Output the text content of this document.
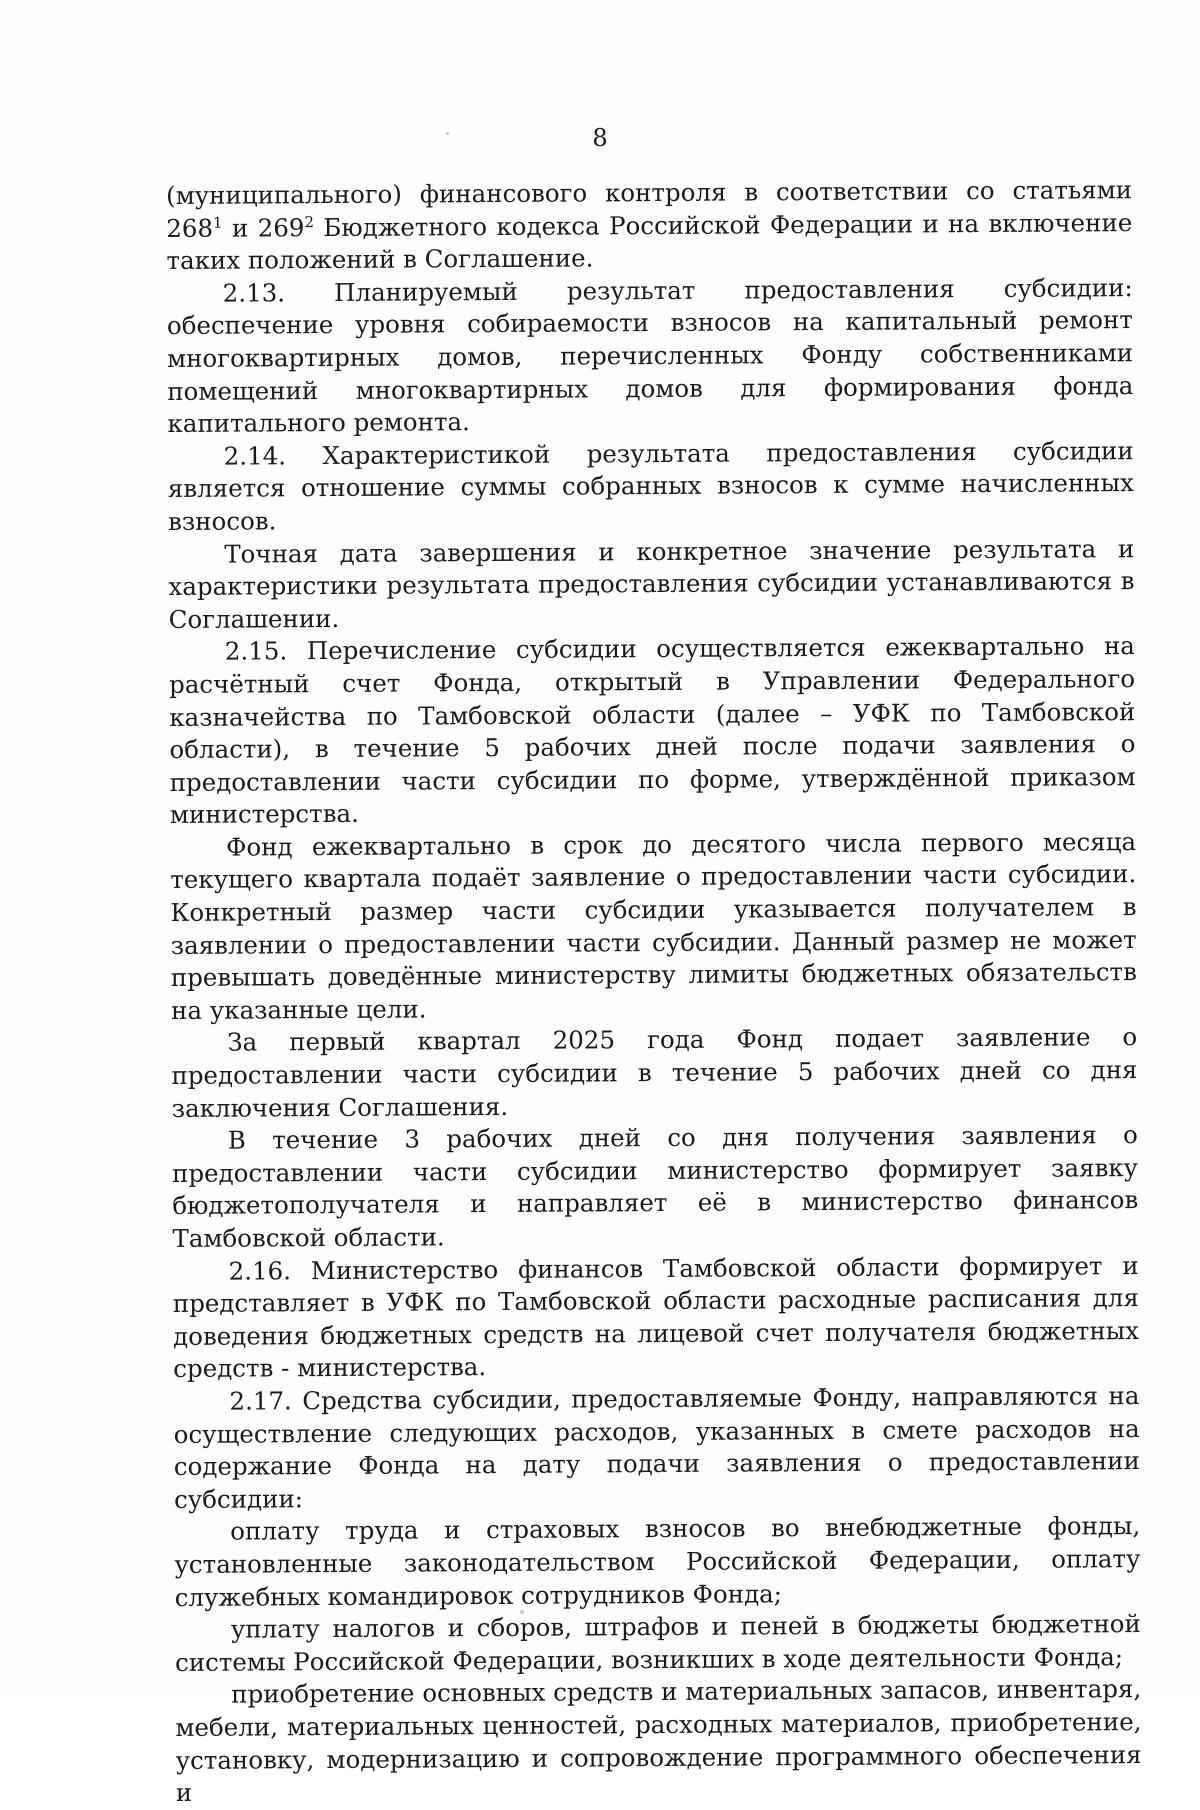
8

(муниципального) финансового контроля в соответствии со статьями $268^1$ и $269^2$ Бюджетного кодекса Российской Федерации и на включение таких положений в Соглашение.

2.13. Планируемый результат предоставления субсидии: обеспечение уровня собираемости взносов на капитальный ремонт многоквартирных домов, перечисленных Фонду собственниками помещений многоквартирных домов для формирования фонда капитального ремонта.

2.14. Характеристикой результата предоставления субсидии является отношение суммы собранных взносов к сумме начисленных взносов.

Точная дата завершения и конкретное значение результата и характеристики результата предоставления субсидии устанавливаются в Соглашении.

2.15. Перечисление субсидии осуществляется ежеквартально на расчётный счет Фонда, открытый в Управлении Федерального казначейства по Тамбовской области (далее – УФК по Тамбовской области), в течение 5 рабочих дней после подачи заявления о предоставлении части субсидии по форме, утверждённой приказом министерства.

Фонд ежеквартально в срок до десятого числа первого месяца текущего квартала подаёт заявление о предоставлении части субсидии. Конкретный размер части субсидии указывается получателем в заявлении о предоставлении части субсидии. Данный размер не может превышать доведённые министерству лимиты бюджетных обязательств на указанные цели.

За первый квартал 2025 года Фонд подает заявление о предоставлении части субсидии в течение 5 рабочих дней со дня заключения Соглашения.

В течение 3 рабочих дней со дня получения заявления о предоставлении части субсидии министерство формирует заявку бюджетополучателя и направляет её в министерство финансов Тамбовской области.

2.16. Министерство финансов Тамбовской области формирует и представляет в УФК по Тамбовской области расходные расписания для доведения бюджетных средств на лицевой счет получателя бюджетных средств - министерства.

2.17. Средства субсидии, предоставляемые Фонду, направляются на осуществление следующих расходов, указанных в смете расходов на содержание Фонда на дату подачи заявления о предоставлении субсидии:

оплату труда и страховых взносов во внебюджетные фонды, установленные законодательством Российской Федерации, оплату служебных командировок сотрудников Фонда;

уплату налогов и сборов, штрафов и пеней в бюджеты бюджетной системы Российской Федерации, возникших в ходе деятельности Фонда;

приобретение основных средств и материальных запасов, инвентаря, мебели, материальных ценностей, расходных материалов, приобретение, установку, модернизацию и сопровождение программного обеспечения и
